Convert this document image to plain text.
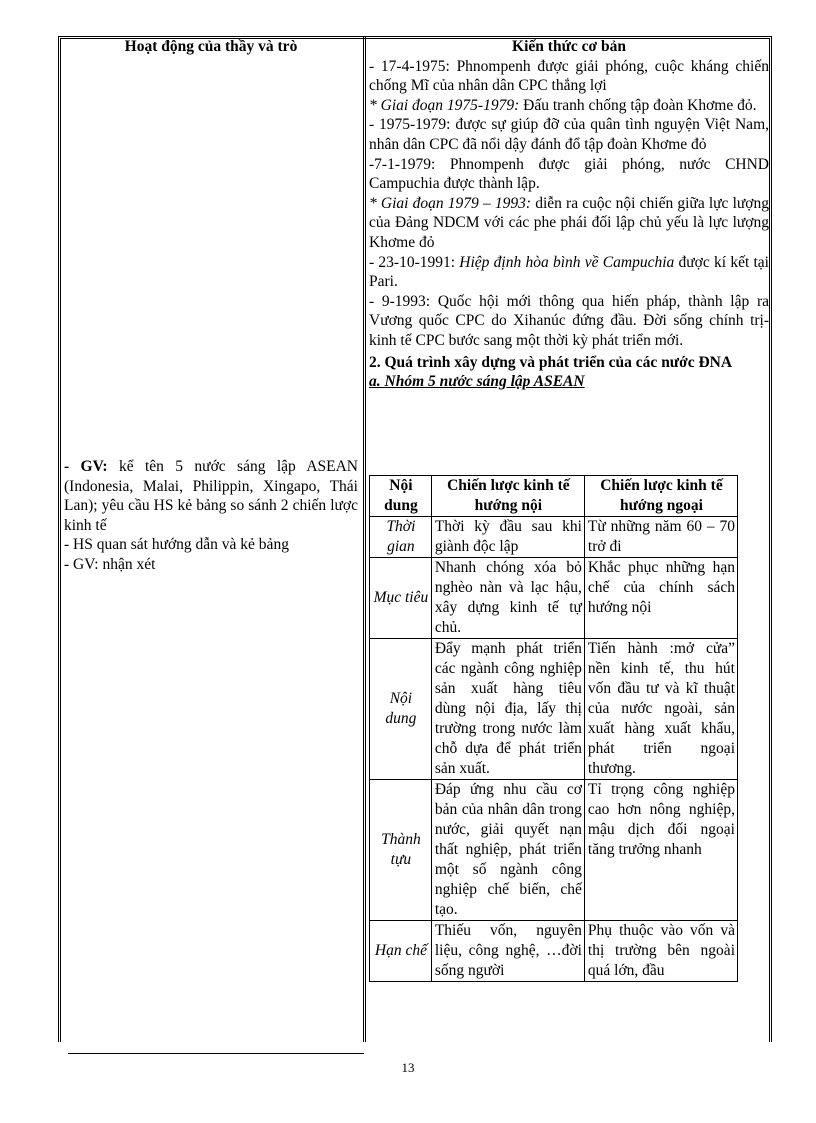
Hoạt động của thầy và trò

- GV: kể tên 5 nước sáng lập ASEAN (Indonesia, Malai, Philippin, Xingapo, Thái Lan); yêu cầu HS kẻ bảng so sánh 2 chiến lược kinh tế

- HS quan sát hướng dẫn và kẻ bảng

- GV: nhận xét

Kiến thức cơ bản

- 17-4-1975: Phnompenh được giải phóng, cuộc kháng chiến chống Mĩ của nhân dân CPC thắng lợi

* Giai đoạn 1975-1979: Đấu tranh chống tập đoàn Khơme đỏ.

- 1975-1979: được sự giúp đỡ của quân tình nguyện Việt Nam, nhân dân CPC đã nổi dậy đánh đổ tập đoàn Khơme đỏ

-7-1-1979: Phnompenh được giải phóng, nước CHND Campuchia được thành lập.

* Giai đoạn 1979 – 1993: diễn ra cuộc nội chiến giữa lực lượng của Đảng NDCM với các phe phái đối lập chủ yếu là lực lượng Khơme đỏ

- 23-10-1991: Hiệp định hòa bình về Campuchia được kí kết tại Pari.

- 9-1993: Quốc hội mới thông qua hiến pháp, thành lập ra Vương quốc CPC do Xihanúc đứng đầu. Đời sống chính trị-kinh tế CPC bước sang một thời kỳ phát triển mới.

2. Quá trình xây dựng và phát triển của các nước ĐNA

a. Nhóm 5 nước sáng lập ASEAN

Nội dung	Chiến lược kinh tế hướng nội	Chiến lược kinh tế hướng ngoại
Thời gian	Thời kỳ đầu sau khi giành độc lập	Từ những năm 60 – 70 trở đi
Mục tiêu	Nhanh chóng xóa bỏ nghèo nàn và lạc hậu, xây dựng kinh tế tự chủ.	Khắc phục những hạn chế của chính sách hướng nội
Nội dung	Đẩy mạnh phát triển các ngành công nghiệp sản xuất hàng tiêu dùng nội địa, lấy thị trường trong nước làm chỗ dựa để phát triển sản xuất.	Tiến hành :mở cửa” nền kinh tế, thu hút vốn đầu tư và kĩ thuật của nước ngoài, sản xuất hàng xuất khẩu, phát triển ngoại thương.
Thành tựu	Đáp ứng nhu cầu cơ bản của nhân dân trong nước, giải quyết nạn thất nghiệp, phát triển một số ngành công nghiệp chế biến, chế tạo.	Tỉ trọng công nghiệp cao hơn nông nghiệp, mậu dịch đối ngoại tăng trưởng nhanh
Hạn chế	Thiếu vốn, nguyên liệu, công nghệ, …đời sống người	Phụ thuộc vào vốn và thị trường bên ngoài quá lớn, đầu
13
